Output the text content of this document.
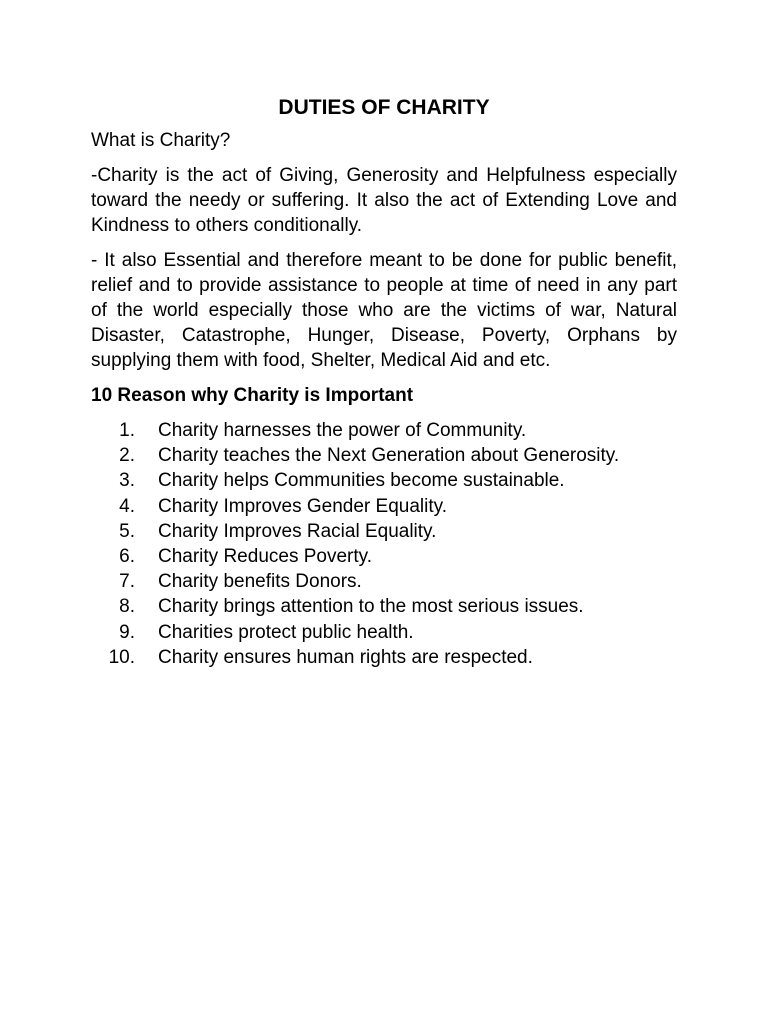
DUTIES OF CHARITY
What is Charity?

-Charity is the act of Giving, Generosity and Helpfulness especially toward the needy or suffering. It also the act of Extending Love and Kindness to others conditionally.

- It also Essential and therefore meant to be done for public benefit, relief and to provide assistance to people at time of need in any part of the world especially those who are the victims of war, Natural Disaster, Catastrophe, Hunger, Disease, Poverty, Orphans by supplying them with food, Shelter, Medical Aid and etc.

10 Reason why Charity is Important
1.	Charity harnesses the power of Community.
2.	Charity teaches the Next Generation about Generosity.
3.	Charity helps Communities become sustainable.
4.	Charity Improves Gender Equality.
5.	Charity Improves Racial Equality.
6.	Charity Reduces Poverty.
7.	Charity benefits Donors.
8.	Charity brings attention to the most serious issues.
9.	Charities protect public health.
10.	Charity ensures human rights are respected.
